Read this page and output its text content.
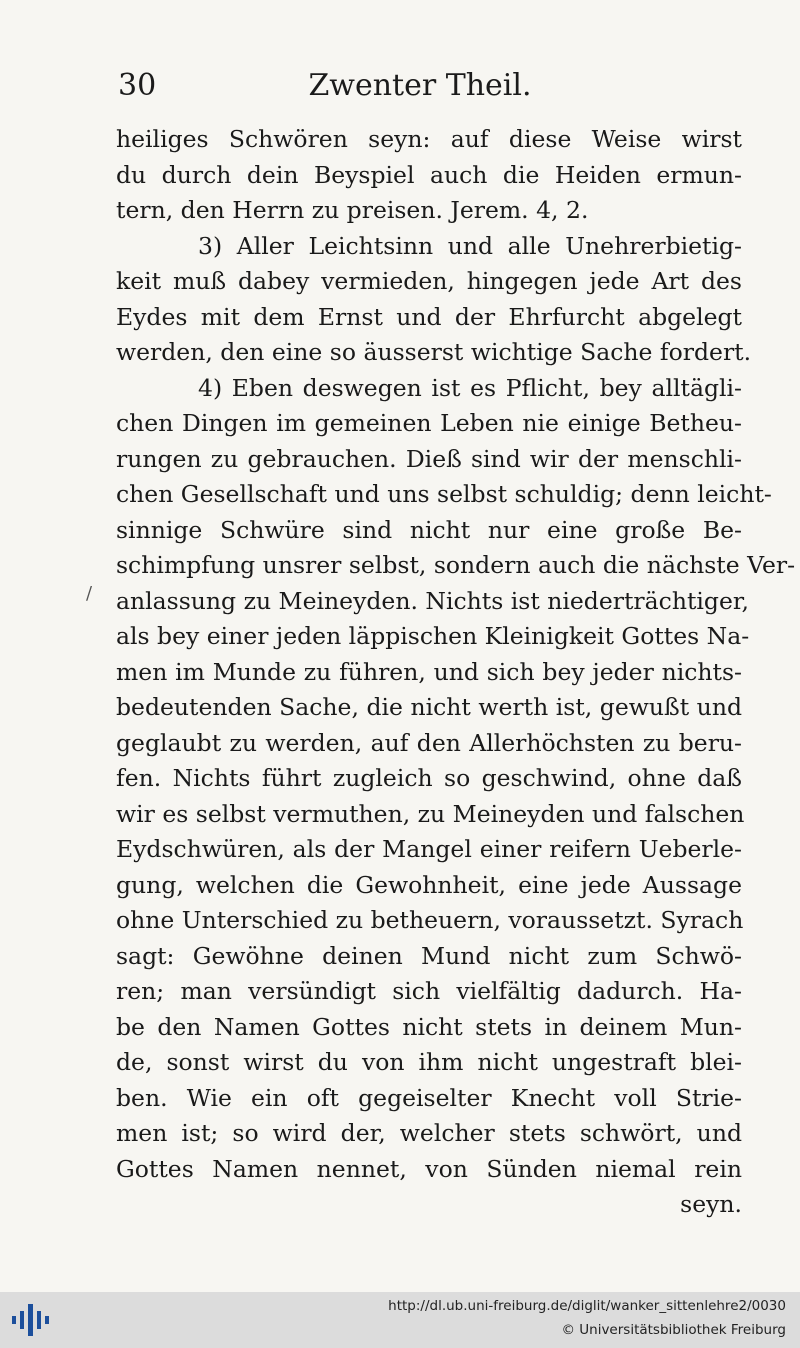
30	Zwenter Theil.
/
heiliges Schwören seyn: auf diese Weise wirst
du durch dein Beyspiel auch die Heiden ermun-
tern, den Herrn zu preisen. Jerem. 4, 2.
3) Aller Leichtsinn und alle Unehrerbietig-
keit muß dabey vermieden, hingegen jede Art des
Eydes mit dem Ernst und der Ehrfurcht abgelegt
werden, den eine so äusserst wichtige Sache fordert.
4) Eben deswegen ist es Pflicht, bey alltägli-
chen Dingen im gemeinen Leben nie einige Betheu-
rungen zu gebrauchen. Dieß sind wir der menschli-
chen Gesellschaft und uns selbst schuldig; denn leicht-
sinnige Schwüre sind nicht nur eine große Be-
schimpfung unsrer selbst, sondern auch die nächste Ver-
anlassung zu Meineyden. Nichts ist niederträchtiger,
als bey einer jeden läppischen Kleinigkeit Gottes Na-
men im Munde zu führen, und sich bey jeder nichts-
bedeutenden Sache, die nicht werth ist, gewußt und
geglaubt zu werden, auf den Allerhöchsten zu beru-
fen. Nichts führt zugleich so geschwind, ohne daß
wir es selbst vermuthen, zu Meineyden und falschen
Eydschwüren, als der Mangel einer reifern Ueberle-
gung, welchen die Gewohnheit, eine jede Aussage
ohne Unterschied zu betheuern, voraussetzt. Syrach
sagt: Gewöhne deinen Mund nicht zum Schwö-
ren; man versündigt sich vielfältig dadurch. Ha-
be den Namen Gottes nicht stets in deinem Mun-
de, sonst wirst du von ihm nicht ungestraft blei-
ben. Wie ein oft gegeiselter Knecht voll Strie-
men ist; so wird der, welcher stets schwört, und
Gottes Namen nennet, von Sünden niemal rein
seyn.
http://dl.ub.uni-freiburg.de/diglit/wanker_sittenlehre2/0030
© Universitätsbibliothek Freiburg
